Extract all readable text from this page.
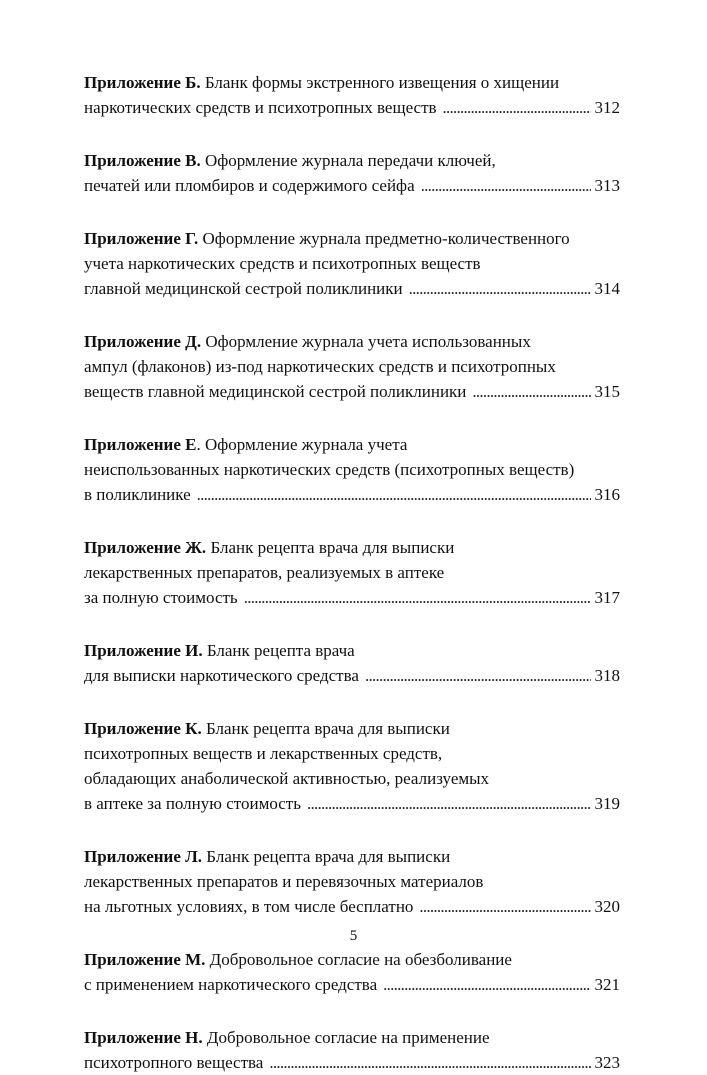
Приложение Б. Бланк формы экстренного извещения о хищении
наркотических средств и психотропных веществ . . .	312
Приложение В. Оформление журнала передачи ключей,
печатей или пломбиров и содержимого сейфа . . .	313
Приложение Г. Оформление журнала предметно-количественного
учета наркотических средств и психотропных веществ
главной медицинской сестрой поликлиники . . .	314
Приложение Д. Оформление журнала учета использованных
ампул (флаконов) из-под наркотических средств и психотропных
веществ главной медицинской сестрой поликлиники . . .	315
Приложение Е. Оформление журнала учета
неиспользованных наркотических средств (психотропных веществ)
в поликлинике . . .	316
Приложение Ж. Бланк рецепта врача для выписки
лекарственных препаратов, реализуемых в аптеке
за полную стоимость . . .	317
Приложение И. Бланк рецепта врача
для выписки наркотического средства . . .	318
Приложение К. Бланк рецепта врача для выписки
психотропных веществ и лекарственных средств,
обладающих анаболической активностью, реализуемых
в аптеке за полную стоимость . . .	319
Приложение Л. Бланк рецепта врача для выписки
лекарственных препаратов и перевязочных материалов
на льготных условиях, в том числе бесплатно . . .	320
Приложение М. Добровольное согласие на обезболивание
с применением наркотического средства . . .	321
Приложение Н. Добровольное согласие на применение
психотропного вещества . . .	323
5
